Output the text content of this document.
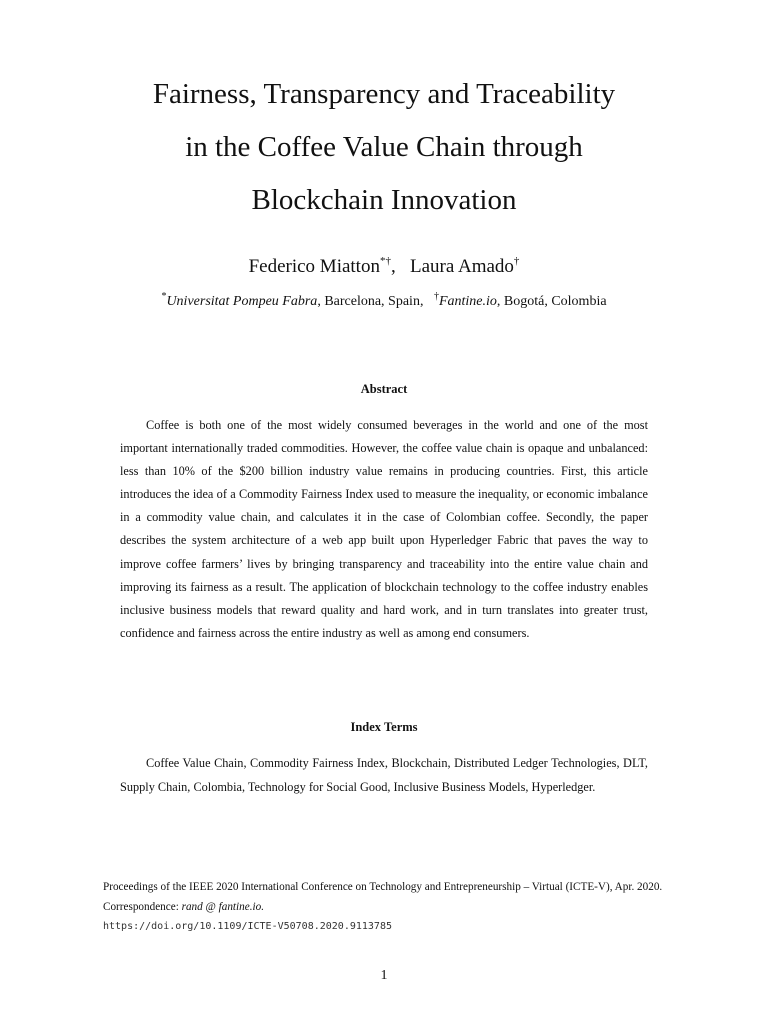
Fairness, Transparency and Traceability
in the Coffee Value Chain through
Blockchain Innovation
Federico Miatton*†,   Laura Amado†
*Universitat Pompeu Fabra, Barcelona, Spain, †Fantine.io, Bogotá, Colombia
Abstract
Coffee is both one of the most widely consumed beverages in the world and one of the most important internationally traded commodities. However, the coffee value chain is opaque and unbalanced: less than 10% of the $200 billion industry value remains in producing countries. First, this article introduces the idea of a Commodity Fairness Index used to measure the inequality, or economic imbalance in a commodity value chain, and calculates it in the case of Colombian coffee. Secondly, the paper describes the system architecture of a web app built upon Hyperledger Fabric that paves the way to improve coffee farmers’ lives by bringing transparency and traceability into the entire value chain and improving its fairness as a result. The application of blockchain technology to the coffee industry enables inclusive business models that reward quality and hard work, and in turn translates into greater trust, confidence and fairness across the entire industry as well as among end consumers.
Index Terms
Coffee Value Chain, Commodity Fairness Index, Blockchain, Distributed Ledger Technologies, DLT, Supply Chain, Colombia, Technology for Social Good, Inclusive Business Models, Hyperledger.
Proceedings of the IEEE 2020 International Conference on Technology and Entrepreneurship – Virtual (ICTE-V), Apr. 2020.
Correspondence: rand @ fantine.io.
https://doi.org/10.1109/ICTE-V50708.2020.9113785
1
